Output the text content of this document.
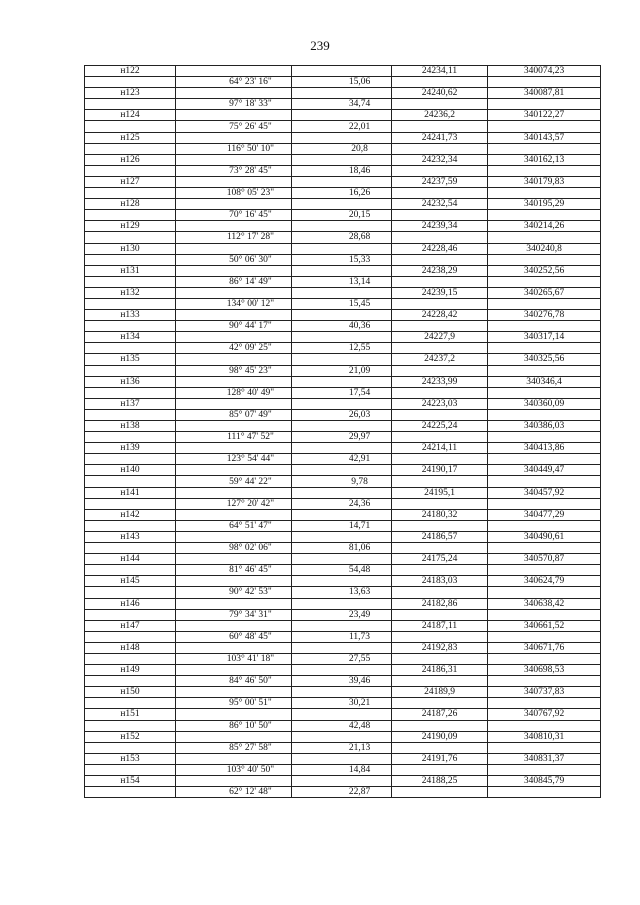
239
н122			24234,11	340074,23
	64° 23' 16"	15,06		
н123			24240,62	340087,81
	97° 18' 33"	34,74		
н124			24236,2	340122,27
	75° 26' 45"	22,01		
н125			24241,73	340143,57
	116° 50' 10"	20,8		
н126			24232,34	340162,13
	73° 28' 45"	18,46		
н127			24237,59	340179,83
	108° 05' 23"	16,26		
н128			24232,54	340195,29
	70° 16' 45"	20,15		
н129			24239,34	340214,26
	112° 17' 28"	28,68		
н130			24228,46	340240,8
	50° 06' 30"	15,33		
н131			24238,29	340252,56
	86° 14' 49"	13,14		
н132			24239,15	340265,67
	134° 00' 12"	15,45		
н133			24228,42	340276,78
	90° 44' 17"	40,36		
н134			24227,9	340317,14
	42° 09' 25"	12,55		
н135			24237,2	340325,56
	98° 45' 23"	21,09		
н136			24233,99	340346,4
	128° 40' 49"	17,54		
н137			24223,03	340360,09
	85° 07' 49"	26,03		
н138			24225,24	340386,03
	111° 47' 52"	29,97		
н139			24214,11	340413,86
	123° 54' 44"	42,91		
н140			24190,17	340449,47
	59° 44' 22"	9,78		
н141			24195,1	340457,92
	127° 20' 42"	24,36		
н142			24180,32	340477,29
	64° 51' 47"	14,71		
н143			24186,57	340490,61
	98° 02' 06"	81,06		
н144			24175,24	340570,87
	81° 46' 45"	54,48		
н145			24183,03	340624,79
	90° 42' 53"	13,63		
н146			24182,86	340638,42
	79° 34' 31"	23,49		
н147			24187,11	340661,52
	60° 48' 45"	11,73		
н148			24192,83	340671,76
	103° 41' 18"	27,55		
н149			24186,31	340698,53
	84° 46' 50"	39,46		
н150			24189,9	340737,83
	95° 00' 51"	30,21		
н151			24187,26	340767,92
	86° 10' 50"	42,48		
н152			24190,09	340810,31
	85° 27' 58"	21,13		
н153			24191,76	340831,37
	103° 40' 50"	14,84		
н154			24188,25	340845,79
	62° 12' 48"	22,87		
